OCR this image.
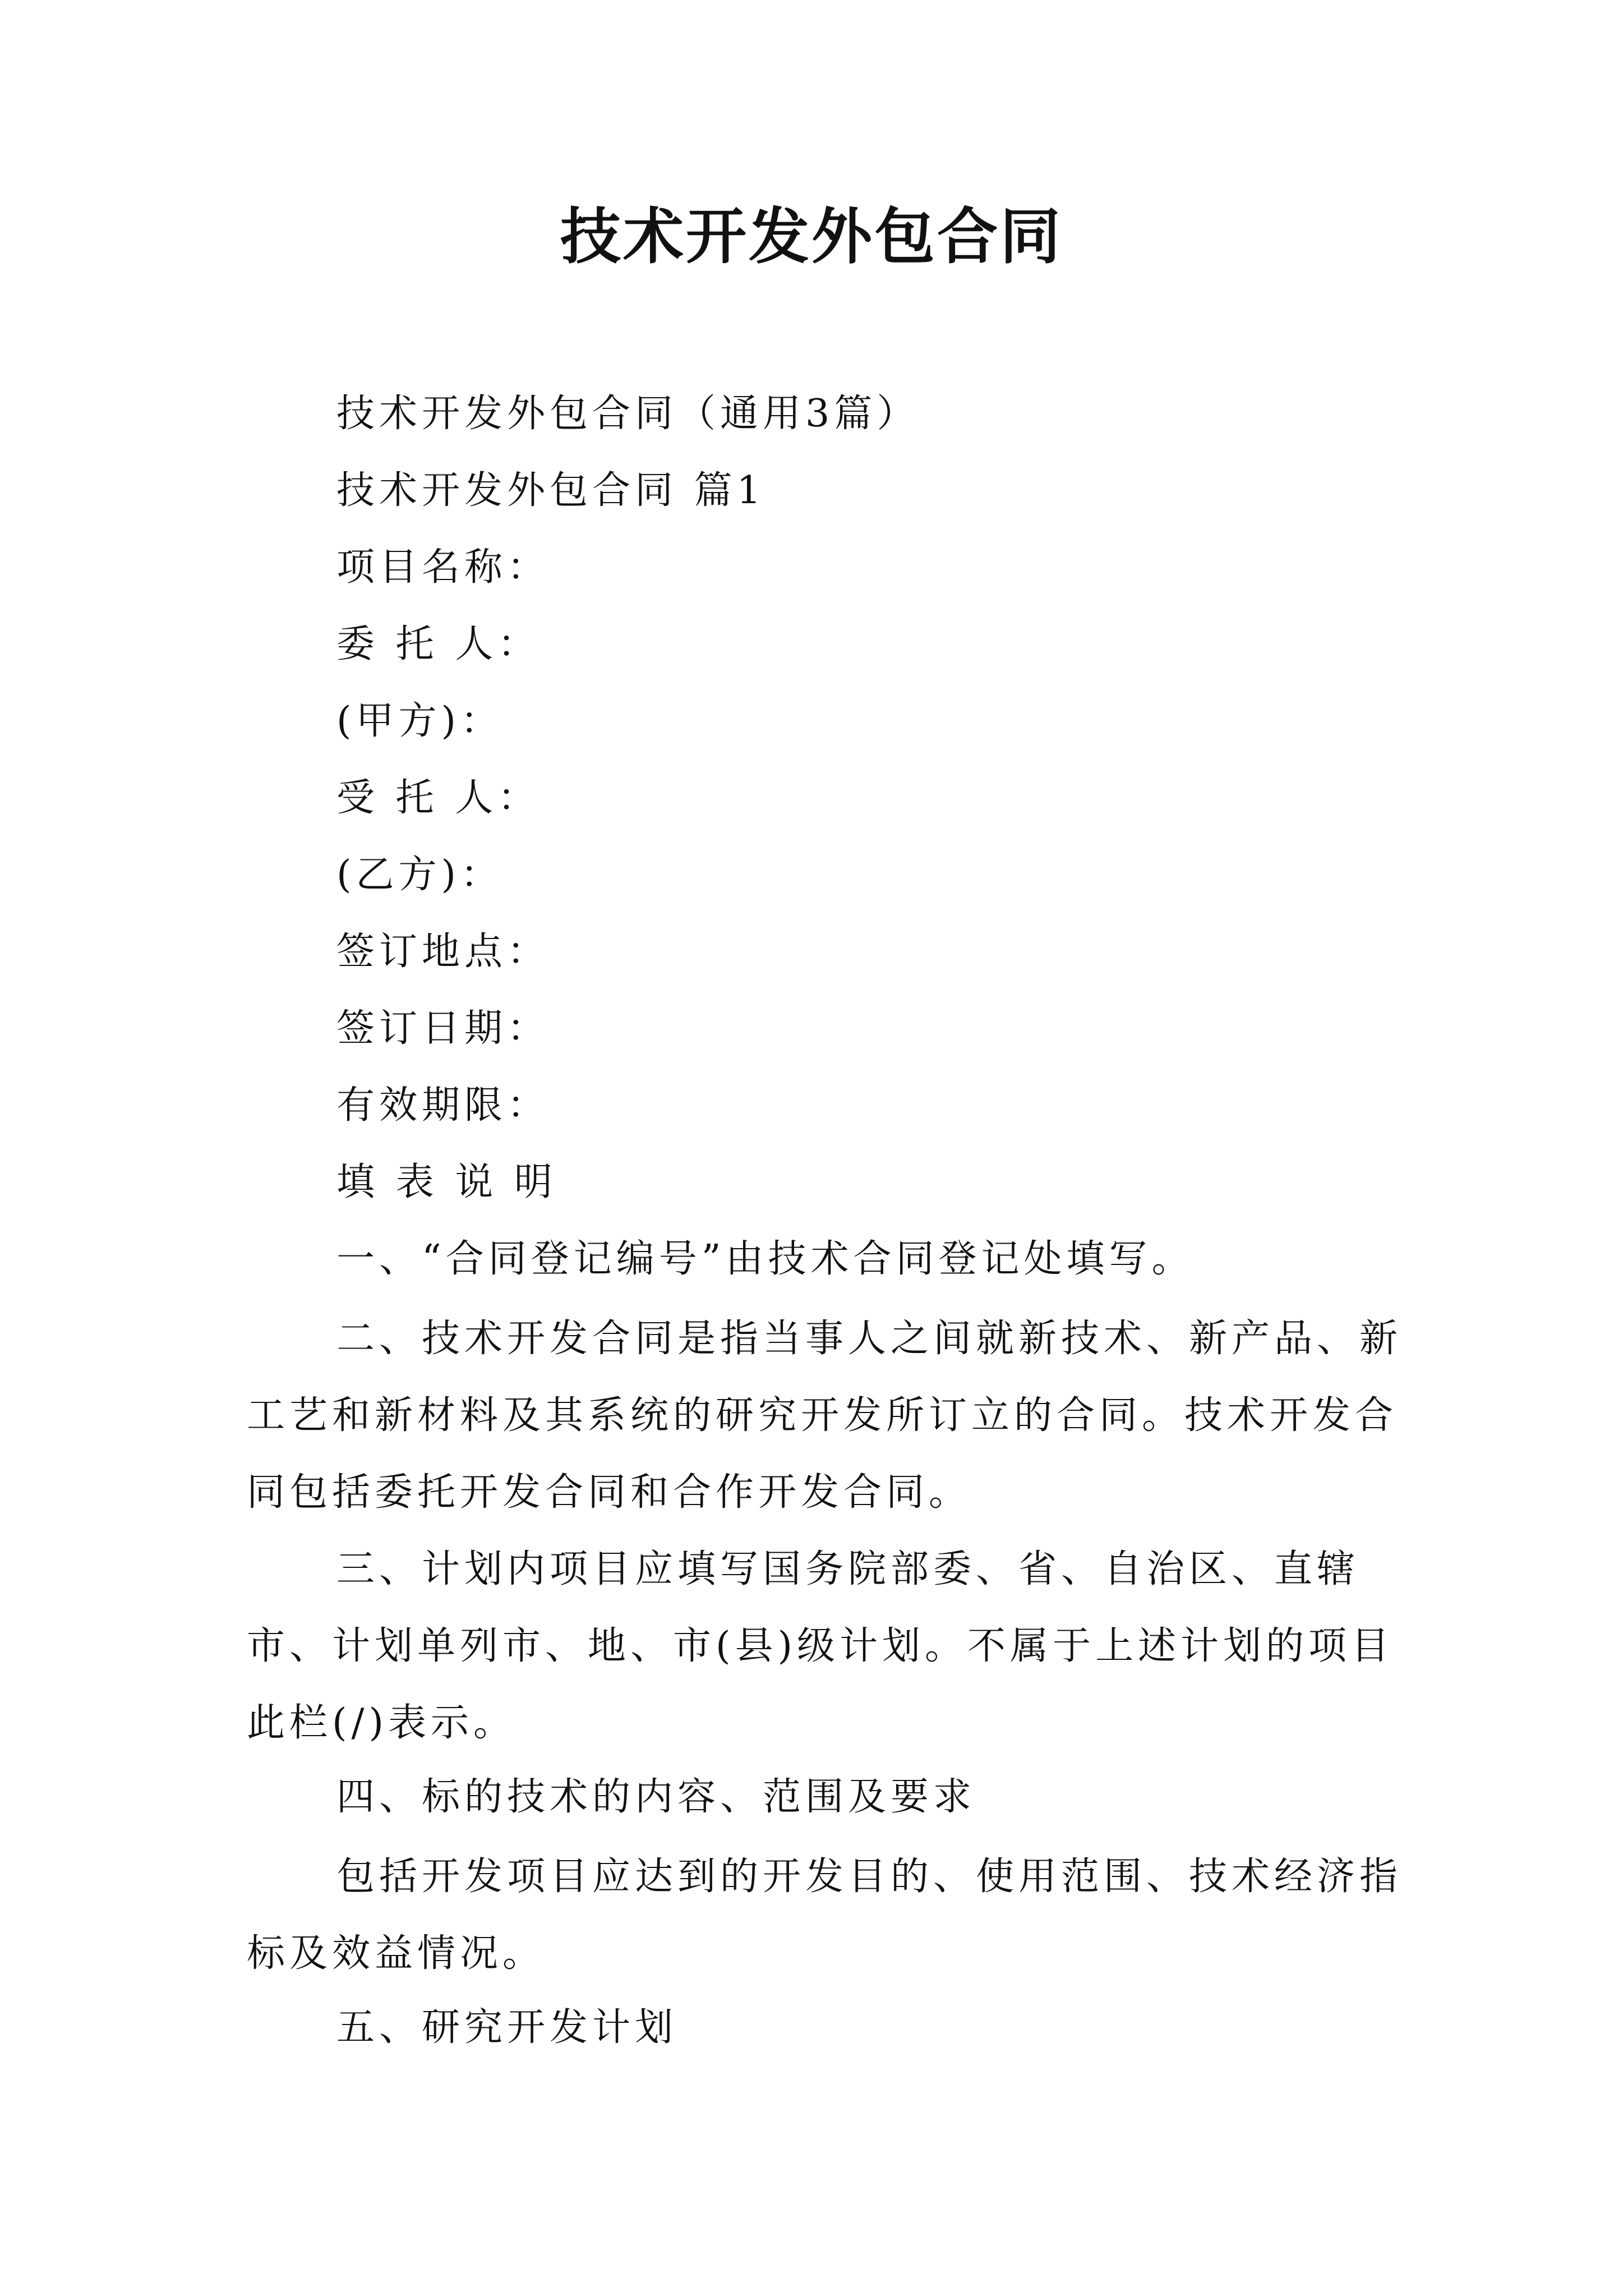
技术开发外包合同

技术开发外包合同（通用3篇）

技术开发外包合同 篇1

项目名称：

委 托 人：

(甲方)：

受 托 人：

(乙方)：

签订地点：

签订日期：

有效期限：

填 表 说 明

一、“合同登记编号”由技术合同登记处填写。

二、技术开发合同是指当事人之间就新技术、新产品、新工艺和新材料及其系统的研究开发所订立的合同。技术开发合同包括委托开发合同和合作开发合同。

三、计划内项目应填写国务院部委、省、自治区、直辖市、计划单列市、地、市(县)级计划。不属于上述计划的项目此栏(/)表示。

四、标的技术的内容、范围及要求

包括开发项目应达到的开发目的、使用范围、技术经济指标及效益情况。

五、研究开发计划
